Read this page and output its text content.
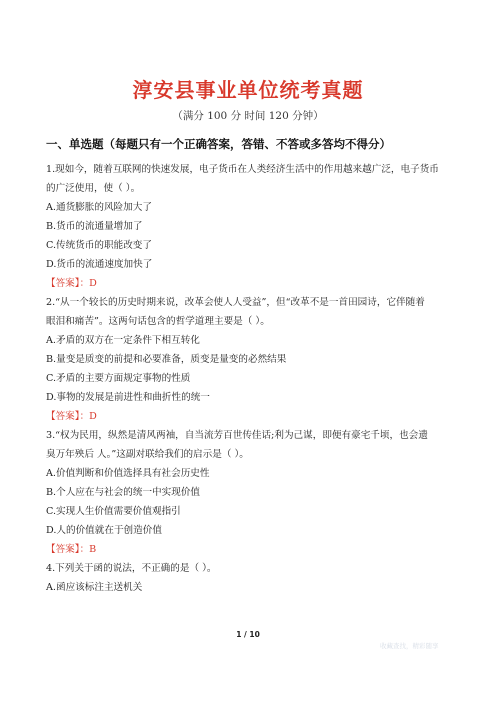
淳安县事业单位统考真题
（满分 100 分 时间 120 分钟）
一、单选题（每题只有一个正确答案，答错、不答或多答均不得分）
1.现如今，随着互联网的快速发展，电子货币在人类经济生活中的作用越来越广泛，电子货币
的广泛使用，使（ ）。
A.通货膨胀的风险加大了
B.货币的流通量增加了
C.传统货币的职能改变了
D.货币的流通速度加快了
【答案】：D
2.“从一个较长的历史时期来说，改革会使人人受益”，但“改革不是一首田园诗，它伴随着
眼泪和痛苦”。这两句话包含的哲学道理主要是（ ）。
A.矛盾的双方在一定条件下相互转化
B.量变是质变的前提和必要准备，质变是量变的必然结果
C.矛盾的主要方面规定事物的性质
D.事物的发展是前进性和曲折性的统一
【答案】：D
3.“权为民用，纵然是清风两袖，自当流芳百世传佳话;利为己谋，即便有豪宅千顷，也会遗
臭万年殃后 人。”这副对联给我们的启示是（ ）。
A.价值判断和价值选择具有社会历史性
B.个人应在与社会的统一中实现价值
C.实现人生价值需要价值观指引
D.人的价值就在于创造价值
【答案】：B
4.下列关于函的说法，不正确的是（ ）。
A.函应该标注主送机关
1 / 10
收藏查找，精彩随享
